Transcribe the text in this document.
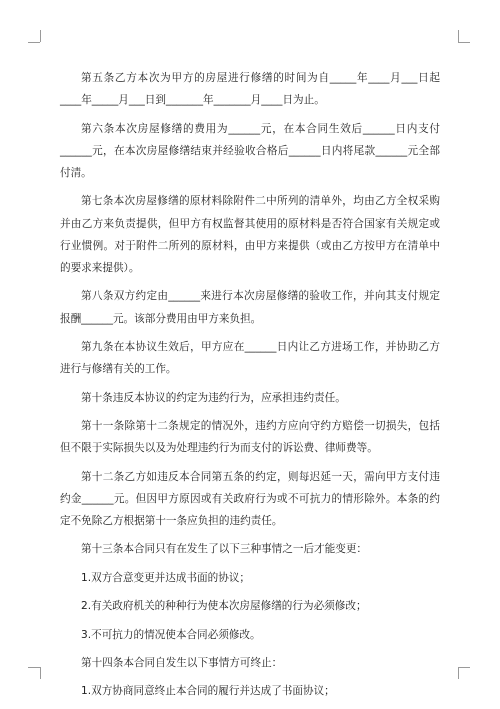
第五条乙方本次为甲方的房屋进行修缮的时间为自_____年____月___日起____年_____月___日到_______年_______月____日为止。

第六条本次房屋修缮的费用为______元，在本合同生效后______日内支付______元，在本次房屋修缮结束并经验收合格后______日内将尾款______元全部付清。

第七条本次房屋修缮的原材料除附件二中所列的清单外，均由乙方全权采购并由乙方来负责提供，但甲方有权监督其使用的原材料是否符合国家有关规定或行业惯例。对于附件二所列的原材料，由甲方来提供（或由乙方按甲方在清单中的要求来提供）。

第八条双方约定由______来进行本次房屋修缮的验收工作，并向其支付规定报酬______元。该部分费用由甲方来负担。

第九条在本协议生效后，甲方应在______日内让乙方进场工作，并协助乙方进行与修缮有关的工作。

第十条违反本协议的约定为违约行为，应承担违约责任。

第十一条除第十二条规定的情况外，违约方应向守约方赔偿一切损失，包括但不限于实际损失以及为处理违约行为而支付的诉讼费、律师费等。

第十二条乙方如违反本合同第五条的约定，则每迟延一天，需向甲方支付违约金______元。但因甲方原因或有关政府行为或不可抗力的情形除外。本条的约定不免除乙方根据第十一条应负担的违约责任。

第十三条本合同只有在发生了以下三种事情之一后才能变更：

1.双方合意变更并达成书面的协议；

2.有关政府机关的种种行为使本次房屋修缮的行为必须修改；

3.不可抗力的情况使本合同必须修改。

第十四条本合同自发生以下事情方可终止：

1.双方协商同意终止本合同的履行并达成了书面协议；
